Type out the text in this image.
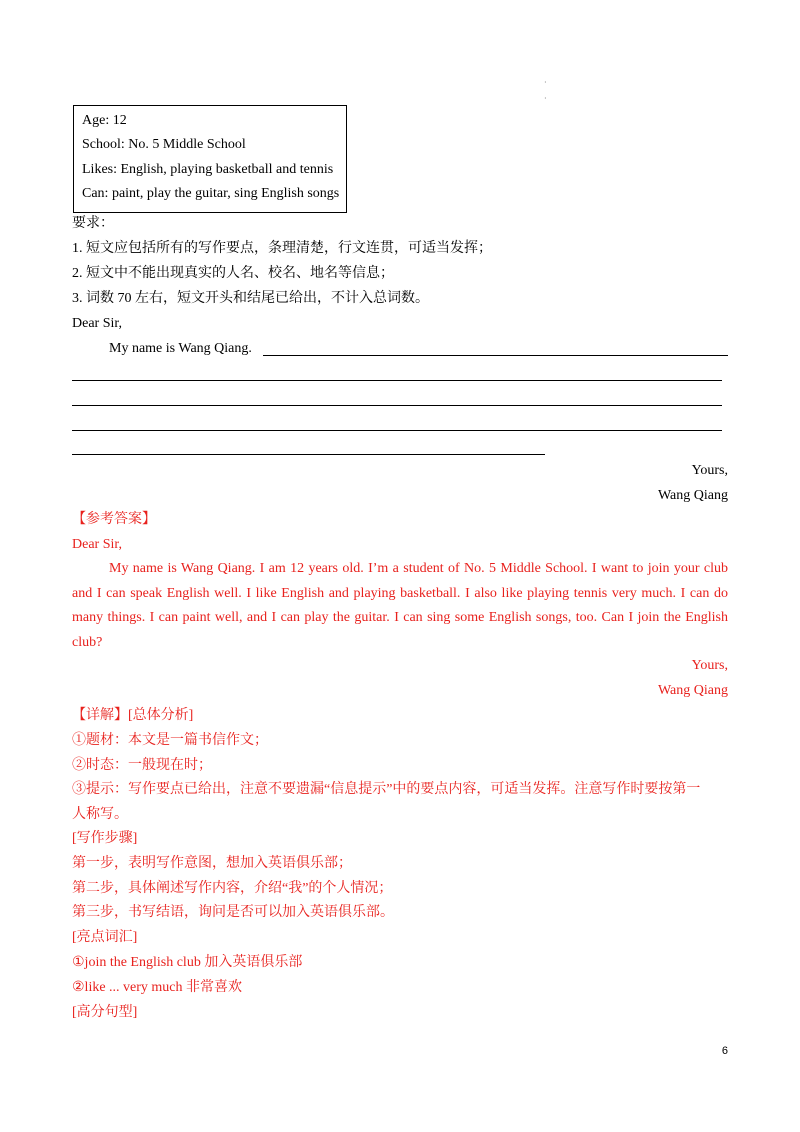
·
·
Age: 12
School: No. 5 Middle School
Likes: English, playing basketball and tennis
Can: paint, play the guitar, sing English songs
要求：
1. 短文应包括所有的写作要点，条理清楚，行文连贯，可适当发挥；
2. 短文中不能出现真实的人名、校名、地名等信息；
3. 词数 70 左右，短文开头和结尾已给出，不计入总词数。
Dear Sir,
My name is Wang Qiang.
Yours,
Wang Qiang
【参考答案】
Dear Sir,
My name is Wang Qiang. I am 12 years old. I’m a student of No. 5 Middle School. I want to join your club and I can speak English well. I like English and playing basketball. I also like playing tennis very much. I can do many things. I can paint well, and I can play the guitar. I can sing some English songs, too. Can I join the English club?
Yours,
Wang Qiang
【详解】[总体分析]
①题材：本文是一篇书信作文；
②时态：一般现在时；
③提示：写作要点已给出，注意不要遗漏“信息提示”中的要点内容，可适当发挥。注意写作时要按第一
人称写。
[写作步骤]
第一步，表明写作意图，想加入英语俱乐部；
第二步，具体阐述写作内容，介绍“我”的个人情况；
第三步，书写结语，询问是否可以加入英语俱乐部。
[亮点词汇]
①join the English club 加入英语俱乐部
②like ... very much 非常喜欢
[高分句型]
6
